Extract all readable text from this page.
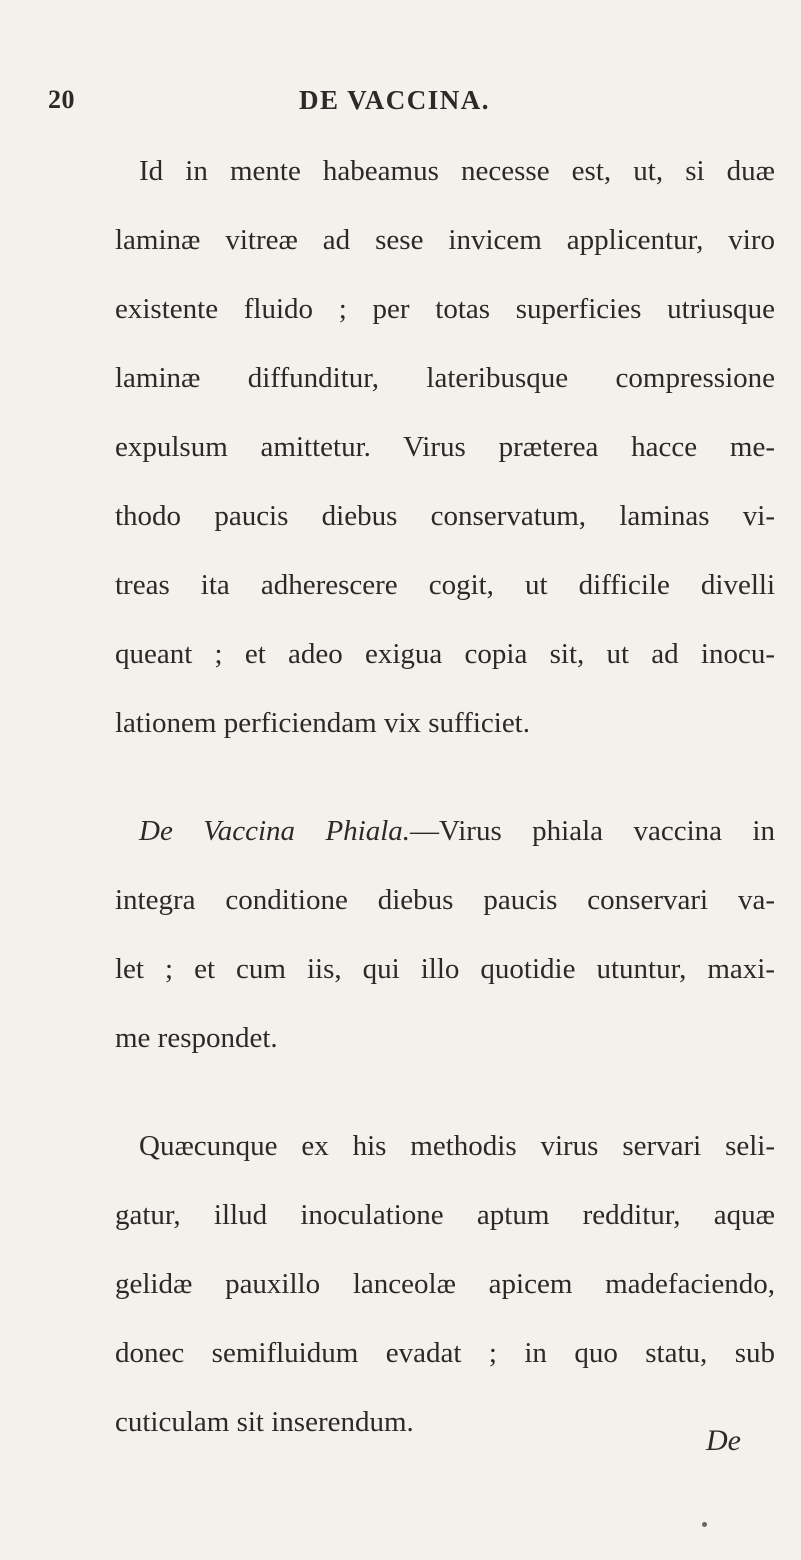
20	DE VACCINA.
Id in mente habeamus necesse est, ut, si duæ
laminæ vitreæ ad sese invicem applicentur, viro
existente fluido ; per totas superficies utriusque
laminæ diffunditur, lateribusque compressione
expulsum amittetur. Virus præterea hacce me-
thodo paucis diebus conservatum, laminas vi-
treas ita adherescere cogit, ut difficile divelli
queant ; et adeo exigua copia sit, ut ad inocu-
lationem perficiendam vix sufficiet.
De Vaccina Phiala.—Virus phiala vaccina in
integra conditione diebus paucis conservari va-
let ; et cum iis, qui illo quotidie utuntur, maxi-
me respondet.
Quæcunque ex his methodis virus servari seli-
gatur, illud inoculatione aptum redditur, aquæ
gelidæ pauxillo lanceolæ apicem madefaciendo,
donec semifluidum evadat ; in quo statu, sub
cuticulam sit inserendum.
De
